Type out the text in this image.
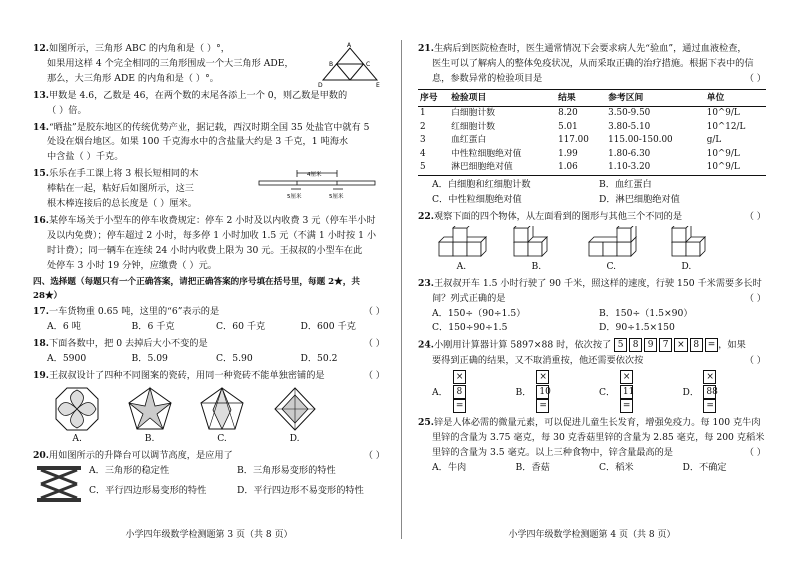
12.如图所示，三角形 ABC 的内角和是（ ）°，

如果用这样 4 个完全相同的三角形围成一个大三角形 ADE，

那么，大三角形 ADE 的内角和是（ ）°。

A
B	C
D	E

13.甲数是 4.6，乙数是 46，在两个数的末尾各添上一个 0，则乙数是甲数的

（ ）倍。

14.“晒盐”是胶东地区的传统优势产业，据记载，西汉时期全国 35 处盐官中就有 5

处设在烟台地区。如果 100 千克海水中的含盐量大约是 3 千克，1 吨海水

中含盐（ ）千克。

15.乐乐在手工课上将 3 根长短相同的木

棒粘在一起，粘好后如图所示，这三

根木棒连接后的总长度是（ ）厘米。

4厘米
5厘米	5厘米

16.某停车场关于小型车的停车收费规定：停车 2 小时及以内收费 3 元（停车半小时

及以内免费）；停车超过 2 小时，每多停 1 小时加收 1.5 元（不满 1 小时按 1 小

时计费）；同一辆车在连续 24 小时内收费上限为 30 元。王叔叔的小型车在此

处停车 3 小时 19 分钟，应缴费（ ）元。

四、选择题（每题只有一个正确答案，请把正确答案的序号填在括号里，每题 2★，共 28★）

17.一车货物重 0.65 吨，这里的“6”表示的是	（ ）

A．6 吨	B．6 千克	C．60 千克	D．600 千克

18.下面各数中，把 0 去掉后大小不变的是	（ ）

A．5900	B．5.09	C．5.90	D．50.2

19.王叔叔设计了四种不同图案的瓷砖，用同一种瓷砖不能单独密铺的是	（ ）

A.	B.	C.	D.

20.用如图所示的升降台可以调节高度，是应用了	（ ）

A．三角形的稳定性	B．三角形易变形的特性
C．平行四边形易变形的特性	D．平行四边形不易变形的特性
小学四年级数学检测题第 3 页（共 8 页）

21.生病后到医院检查时，医生通常情况下会要求病人先“验血”，通过血液检查，

医生可以了解病人的整体免疫状况，从而采取正确的治疗措施。根据下表中的信

息，参数异常的检验项目是	（ ）

序号	检验项目	结果	参考区间	单位
1	白细胞计数	8.20	3.50-9.50	10^9/L
2	红细胞计数	5.01	3.80-5.10	10^12/L
3	血红蛋白	117.00	115.00-150.00	g/L
4	中性粒细胞绝对值	1.99	1.80-6.30	10^9/L
5	淋巴细胞绝对值	1.06	1.10-3.20	10^9/L
A．白细胞和红细胞计数	B．血红蛋白
C．中性粒细胞绝对值	D．淋巴细胞绝对值

22.观察下面的四个物体，从左面看到的图形与其他三个不同的是	（ ）

A.	B.	C.	D.

23.王叔叔开车 1.5 小时行驶了 90 千米，照这样的速度，行驶 150 千米需要多长时

间？列式正确的是	（ ）

A．150÷（90÷1.5）	B．150÷（1.5×90）
C．150÷90÷1.5	D．90÷1.5×150

24.小刚用计算器计算 5897×88 时，依次按了 5	8	9	7 × 8 = ，如果

要得到正确的结果，又不取消重按，他还需要依次按	（ ）

A．×8=
B．×10=
C．×11=
D．×88=

25.锌是人体必需的微量元素，可以促进儿童生长发育，增强免疫力。每 100 克牛肉

里锌的含量为 3.75 毫克，每 30 克香菇里锌的含量为 2.85 毫克，每 200 克稻米

里锌的含量为 3.5 毫克。以上三种食物中，锌含量最高的是	（ ）

A．牛肉	B．香菇	C．稻米	D．不确定
小学四年级数学检测题第 4 页（共 8 页）
